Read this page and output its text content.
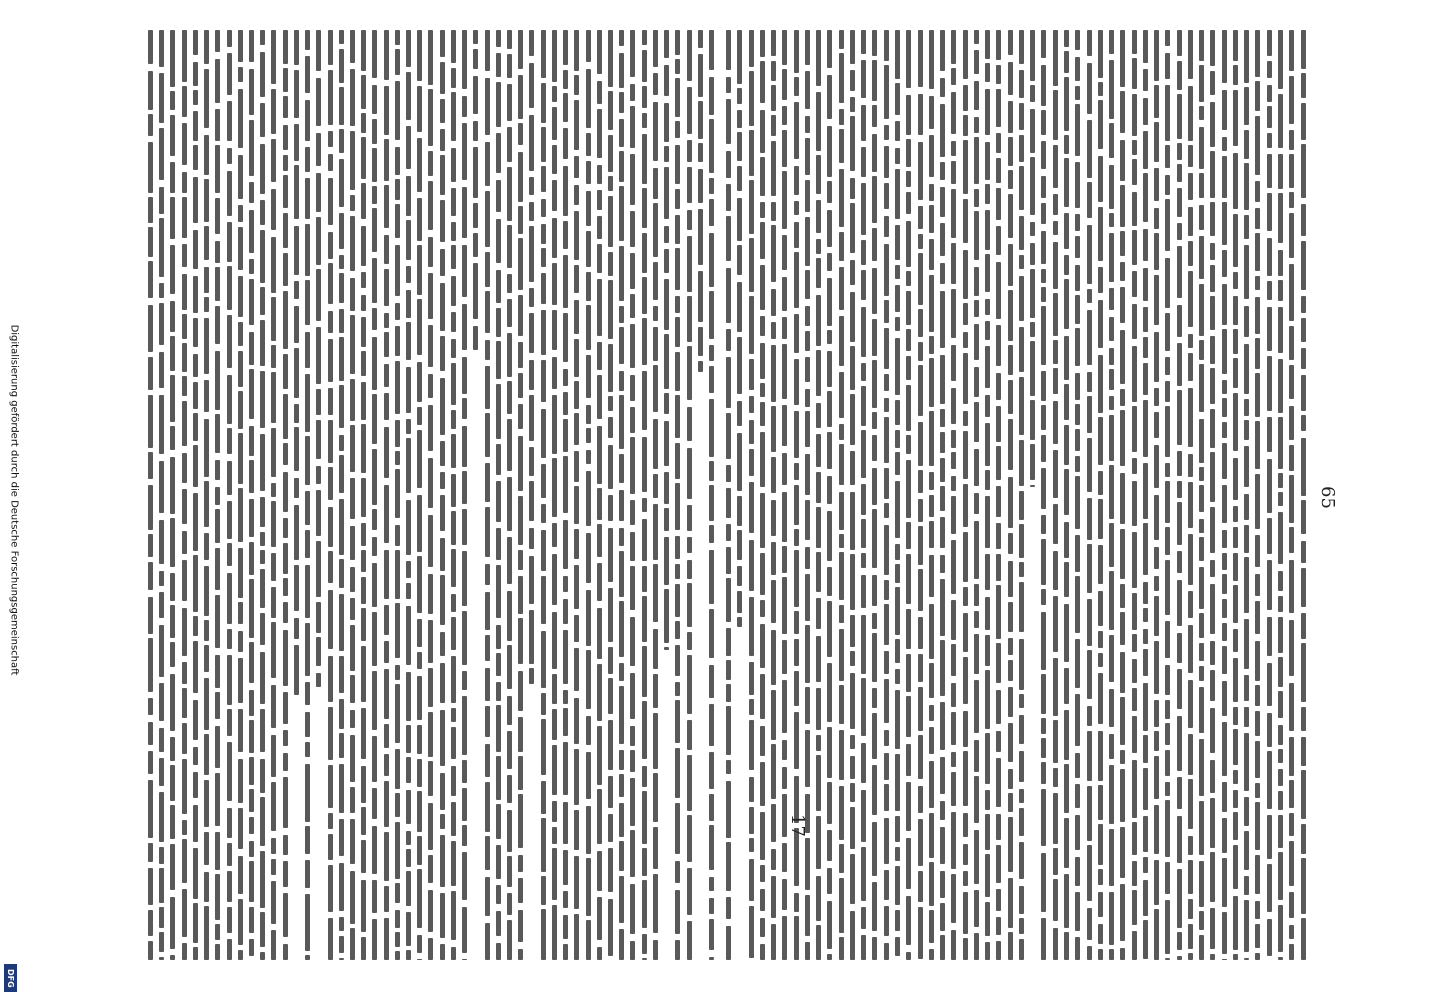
65
17
Digitalisierung gefördert durch die Deutsche Forschungsgemeinschaft
DFG
